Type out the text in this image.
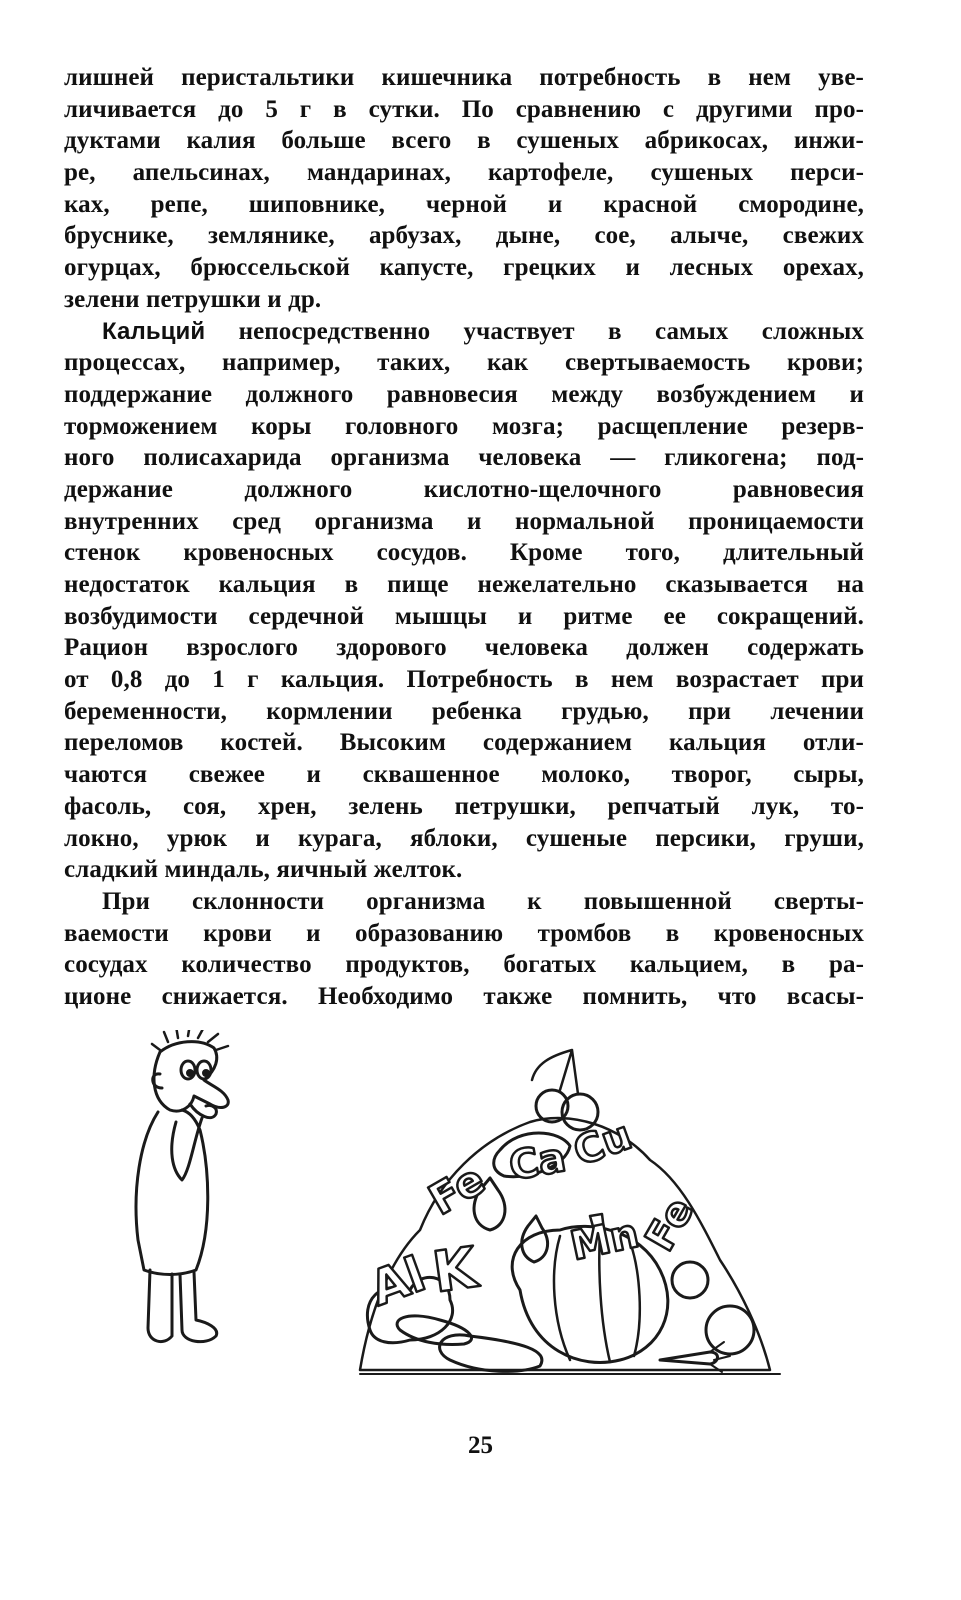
лишней перистальтики кишечника потребность в нем уве-
личивается до 5 г в сутки. По сравнению с другими про-
дуктами калия больше всего в сушеных абрикосах, инжи-
ре, апельсинах, мандаринах, картофеле, сушеных перси-
ках, репе, шиповнике, черной и красной смородине,
бруснике, землянике, арбузах, дыне, сое, алыче, свежих
огурцах, брюссельской капусте, грецких и лесных орехах,
зелени петрушки и др.
Кальций непосредственно участвует в самых сложных
процессах, например, таких, как свертываемость крови;
поддержание должного равновесия между возбуждением и
торможением коры головного мозга; расщепление резерв-
ного полисахарида организма человека — гликогена; под-
держание должного кислотно-щелочного равновесия
внутренних сред организма и нормальной проницаемости
стенок кровеносных сосудов. Кроме того, длительный
недостаток кальция в пище нежелательно сказывается на
возбудимости сердечной мышцы и ритме ее сокращений.
Рацион взрослого здорового человека должен содержать
от 0,8 до 1 г кальция. Потребность в нем возрастает при
беременности, кормлении ребенка грудью, при лечении
переломов костей. Высоким содержанием кальция отли-
чаются свежее и сквашенное молоко, творог, сыры,
фасоль, соя, хрен, зелень петрушки, репчатый лук, то-
локно, урюк и курага, яблоки, сушеные персики, груши,
сладкий миндаль, яичный желток.
При склонности организма к повышенной сверты-
ваемости крови и образованию тромбов в кровеносных
сосудах количество продуктов, богатых кальцием, в ра-
ционе снижается. Необходимо также помнить, что всасы-
Ca
Cu
Fe
Al
K Mn
Fe
25
